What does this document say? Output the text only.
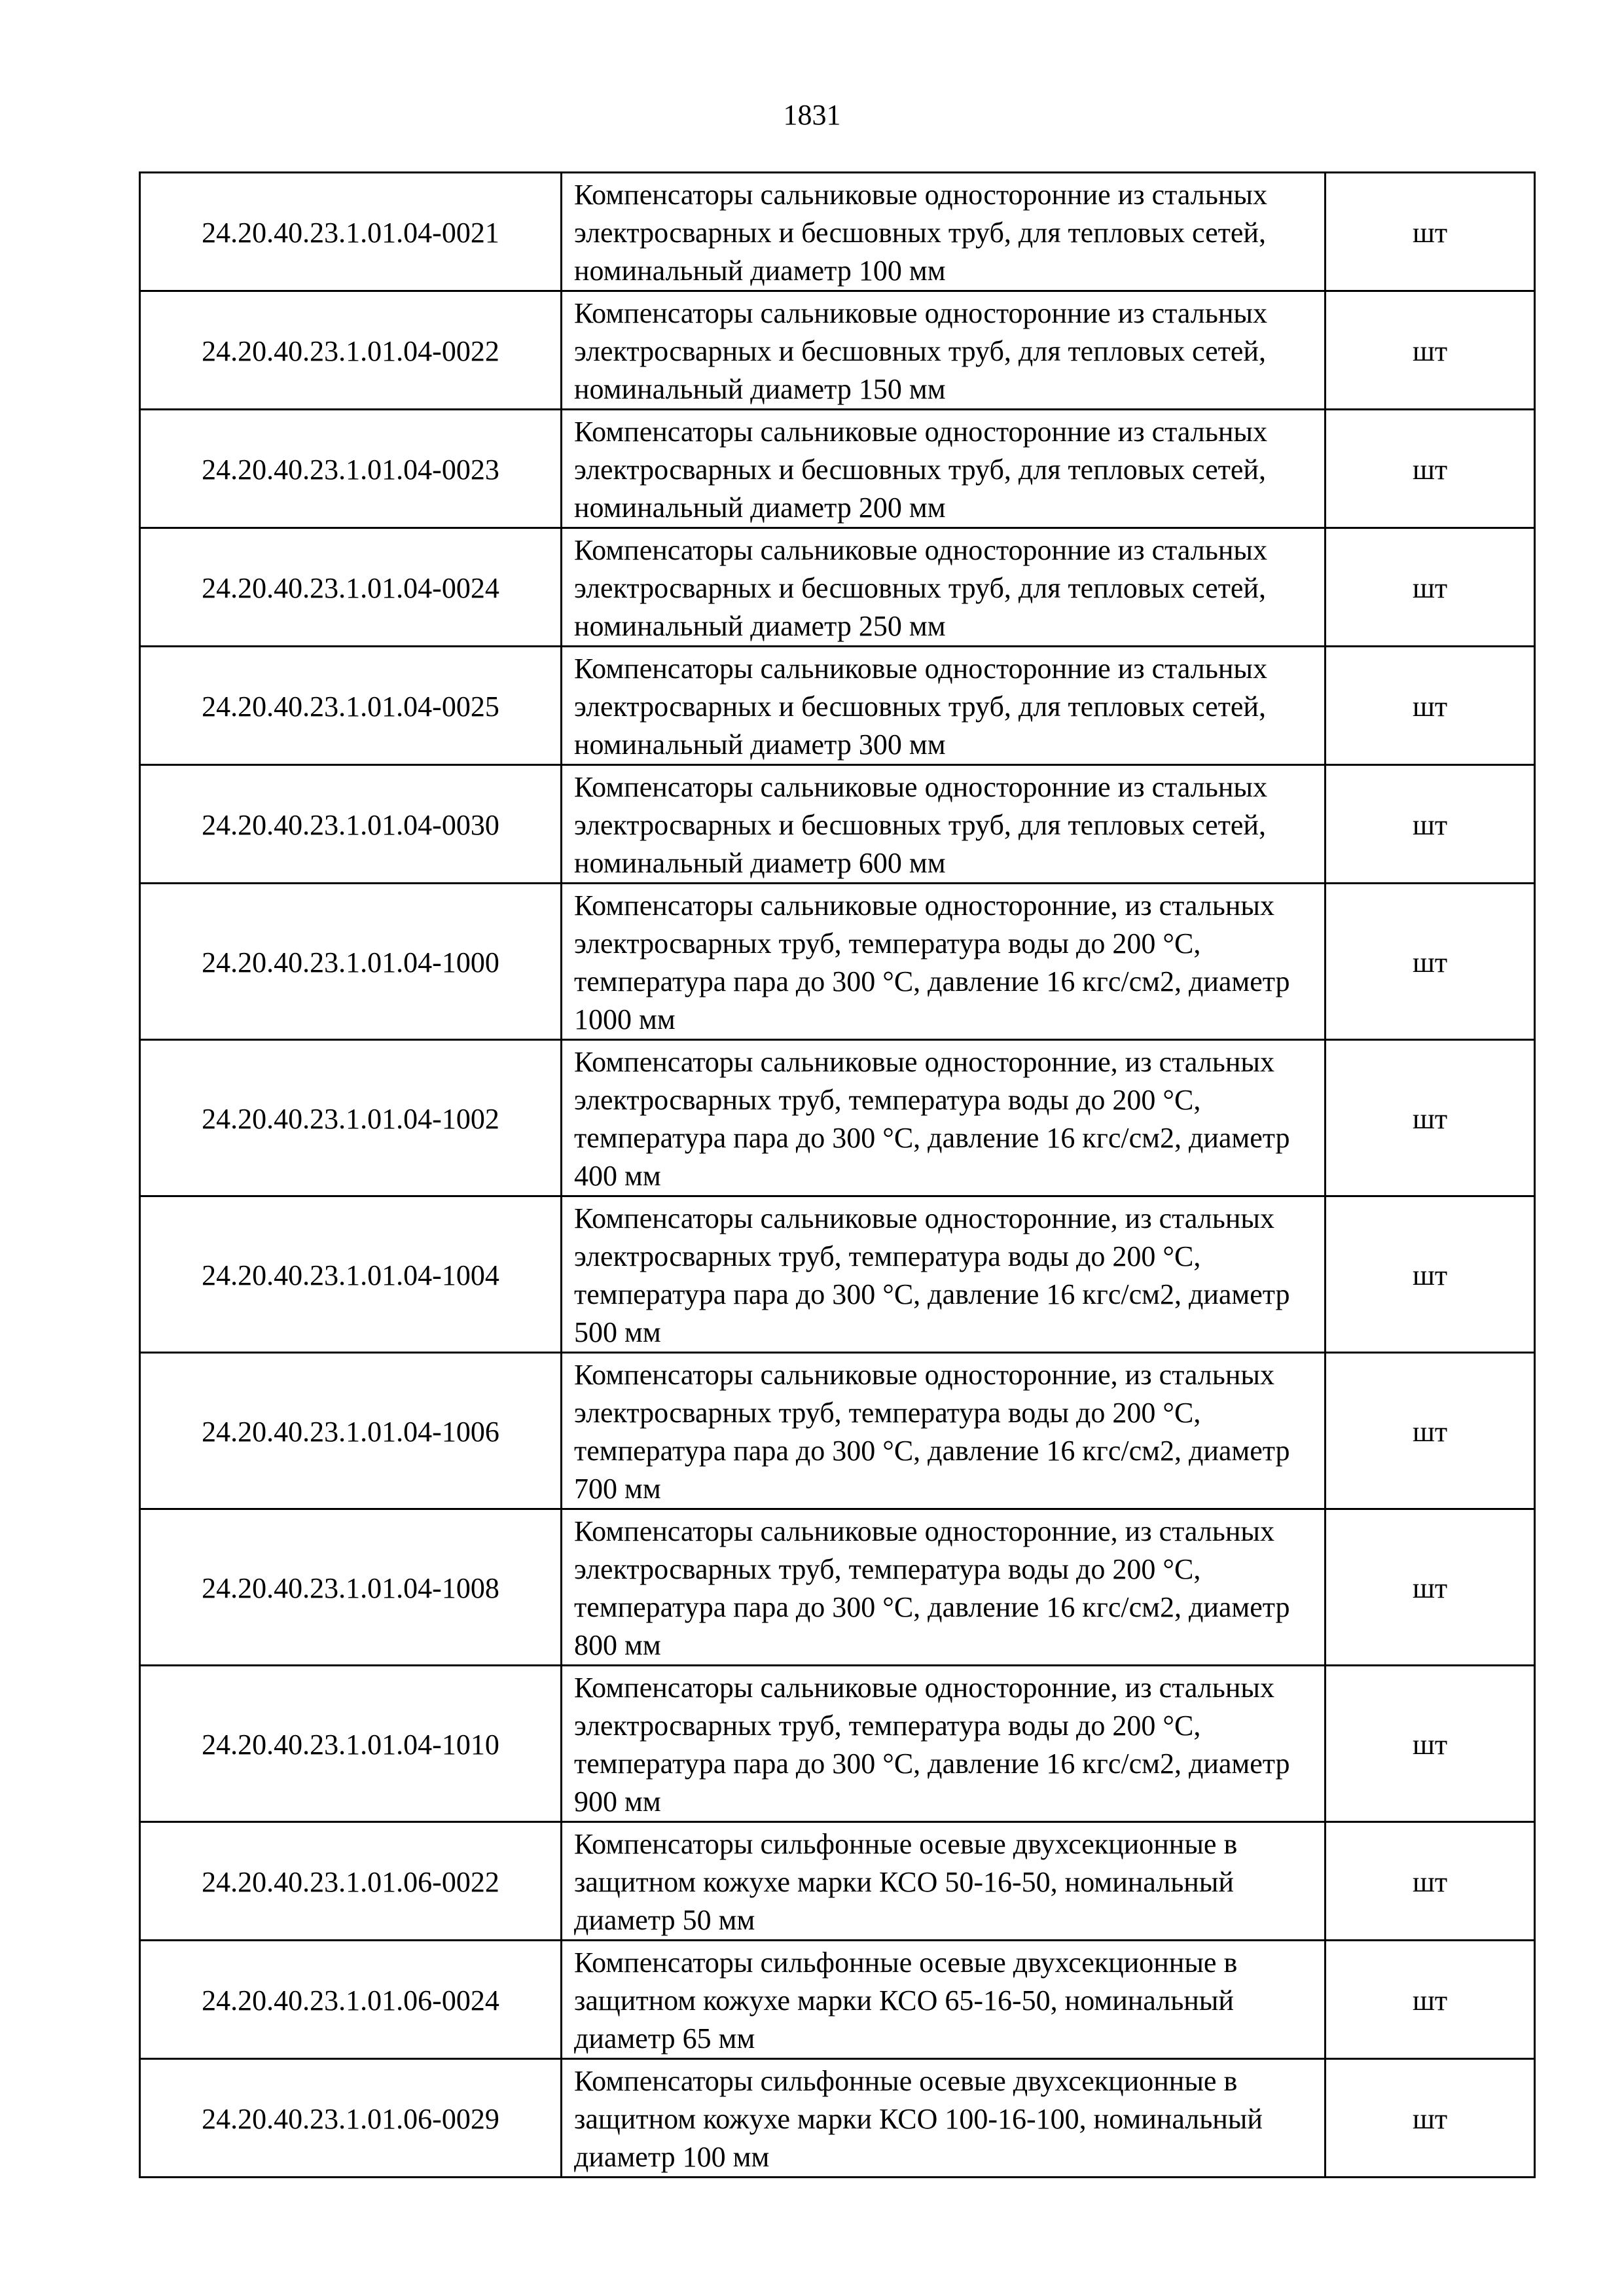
1831
24.20.40.23.1.01.04-0021	Компенсаторы сальниковые односторонние из стальных электросварных и бесшовных труб, для тепловых сетей, номинальный диаметр 100 мм	шт
24.20.40.23.1.01.04-0022	Компенсаторы сальниковые односторонние из стальных электросварных и бесшовных труб, для тепловых сетей, номинальный диаметр 150 мм	шт
24.20.40.23.1.01.04-0023	Компенсаторы сальниковые односторонние из стальных электросварных и бесшовных труб, для тепловых сетей, номинальный диаметр 200 мм	шт
24.20.40.23.1.01.04-0024	Компенсаторы сальниковые односторонние из стальных электросварных и бесшовных труб, для тепловых сетей, номинальный диаметр 250 мм	шт
24.20.40.23.1.01.04-0025	Компенсаторы сальниковые односторонние из стальных электросварных и бесшовных труб, для тепловых сетей, номинальный диаметр 300 мм	шт
24.20.40.23.1.01.04-0030	Компенсаторы сальниковые односторонние из стальных электросварных и бесшовных труб, для тепловых сетей, номинальный диаметр 600 мм	шт
24.20.40.23.1.01.04-1000	Компенсаторы сальниковые односторонние, из стальных электросварных труб, температура воды до 200 °С, температура пара до 300 °С, давление 16 кгс/см2, диаметр 1000 мм	шт
24.20.40.23.1.01.04-1002	Компенсаторы сальниковые односторонние, из стальных электросварных труб, температура воды до 200 °С, температура пара до 300 °С, давление 16 кгс/см2, диаметр 400 мм	шт
24.20.40.23.1.01.04-1004	Компенсаторы сальниковые односторонние, из стальных электросварных труб, температура воды до 200 °С, температура пара до 300 °С, давление 16 кгс/см2, диаметр 500 мм	шт
24.20.40.23.1.01.04-1006	Компенсаторы сальниковые односторонние, из стальных электросварных труб, температура воды до 200 °С, температура пара до 300 °С, давление 16 кгс/см2, диаметр 700 мм	шт
24.20.40.23.1.01.04-1008	Компенсаторы сальниковые односторонние, из стальных электросварных труб, температура воды до 200 °С, температура пара до 300 °С, давление 16 кгс/см2, диаметр 800 мм	шт
24.20.40.23.1.01.04-1010	Компенсаторы сальниковые односторонние, из стальных электросварных труб, температура воды до 200 °С, температура пара до 300 °С, давление 16 кгс/см2, диаметр 900 мм	шт
24.20.40.23.1.01.06-0022	Компенсаторы сильфонные осевые двухсекционные в защитном кожухе марки КСО 50-16-50, номинальный диаметр 50 мм	шт
24.20.40.23.1.01.06-0024	Компенсаторы сильфонные осевые двухсекционные в защитном кожухе марки КСО 65-16-50, номинальный диаметр 65 мм	шт
24.20.40.23.1.01.06-0029	Компенсаторы сильфонные осевые двухсекционные в защитном кожухе марки КСО 100-16-100, номинальный диаметр 100 мм	шт
